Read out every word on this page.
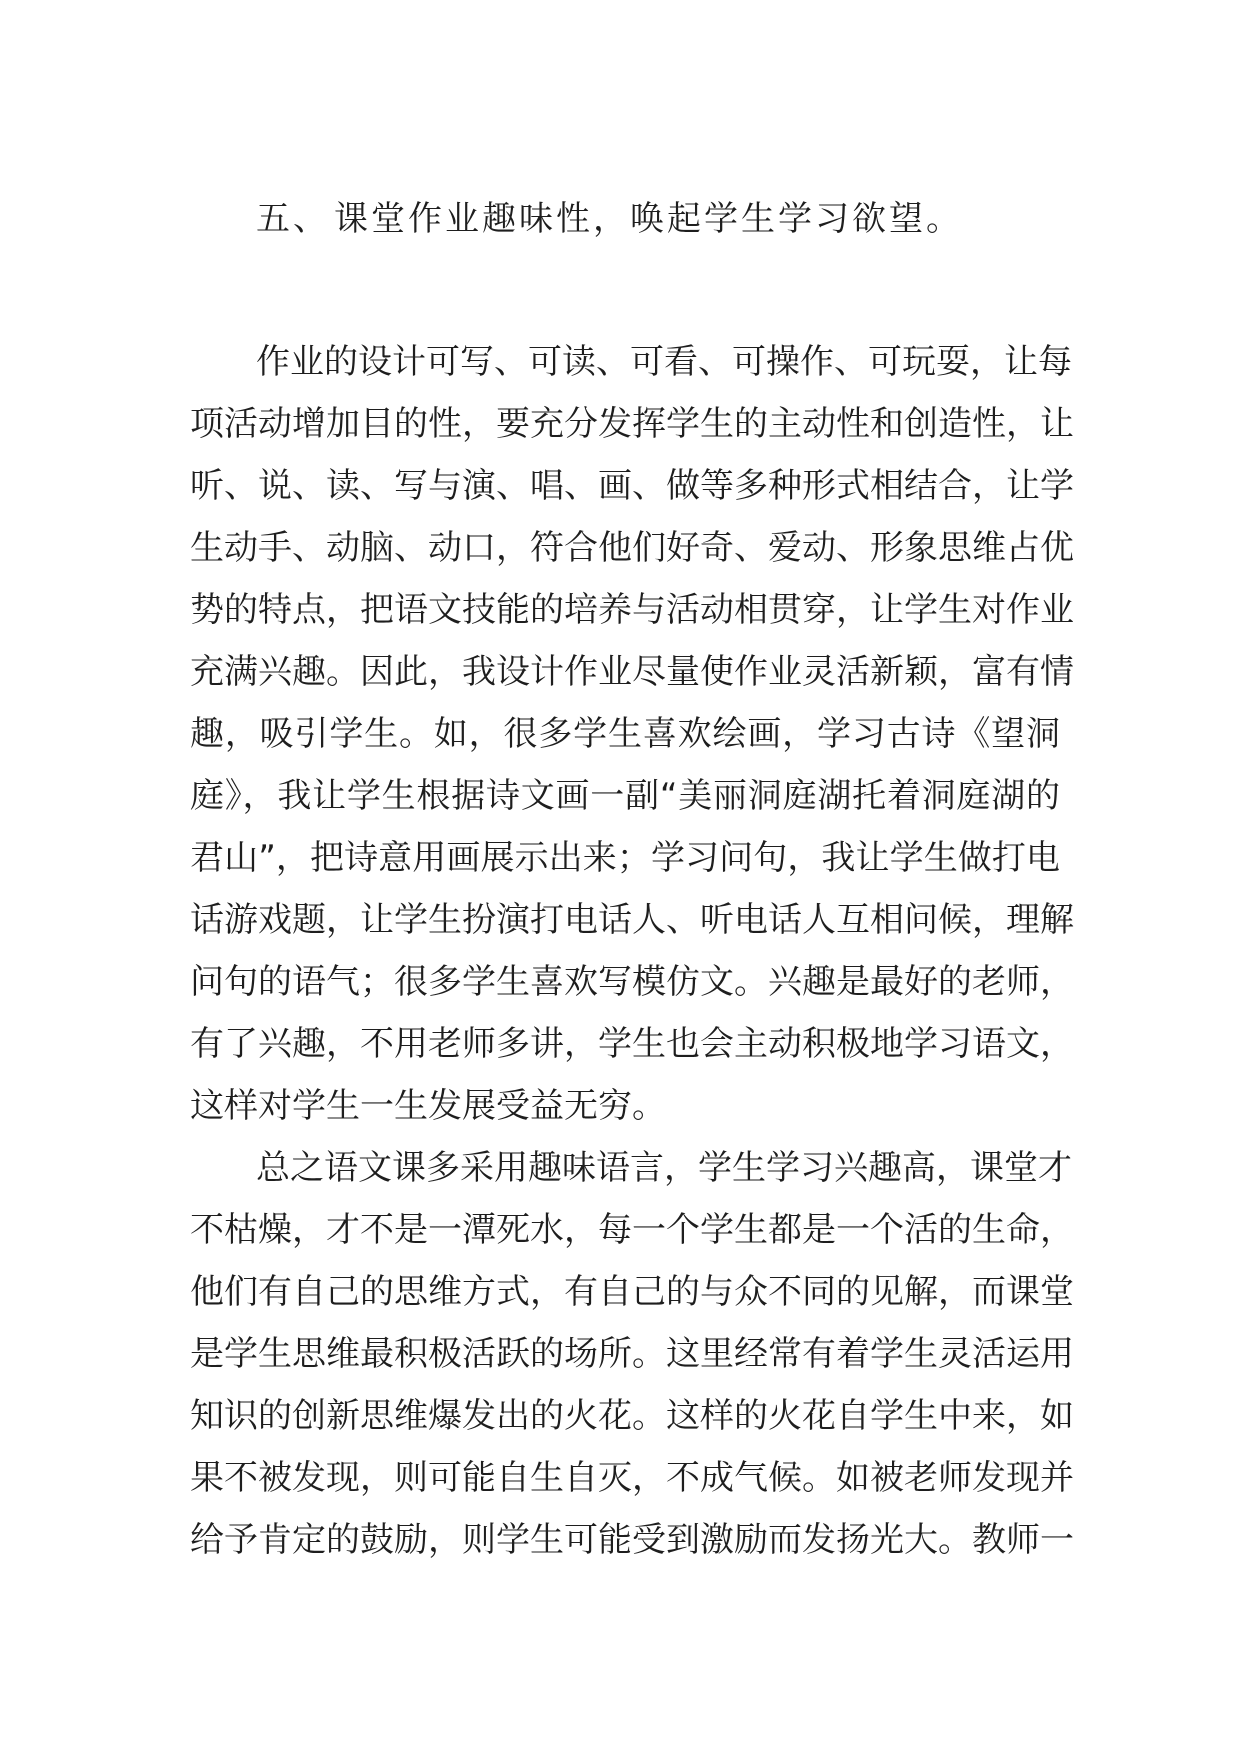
五、 课堂作业趣味性，唤起学生学习欲望。
作业的设计可写、可读、可看、可操作、可玩耍，让每
项活动增加目的性，要充分发挥学生的主动性和创造性，让
听、说、读、写与演、唱、画、做等多种形式相结合，让学
生动手、动脑、动口，符合他们好奇、爱动、形象思维占优
势的特点，把语文技能的培养与活动相贯穿，让学生对作业
充满兴趣。因此，我设计作业尽量使作业灵活新颖，富有情
趣，吸引学生。如，很多学生喜欢绘画，学习古诗《望洞
庭》，我让学生根据诗文画一副“美丽洞庭湖托着洞庭湖的
君山”，把诗意用画展示出来；学习问句，我让学生做打电
话游戏题，让学生扮演打电话人、听电话人互相问候，理解
问句的语气；很多学生喜欢写模仿文。兴趣是最好的老师，
有了兴趣，不用老师多讲，学生也会主动积极地学习语文，
这样对学生一生发展受益无穷。
总之语文课多采用趣味语言，学生学习兴趣高，课堂才
不枯燥，才不是一潭死水，每一个学生都是一个活的生命，
他们有自己的思维方式，有自己的与众不同的见解，而课堂
是学生思维最积极活跃的场所。这里经常有着学生灵活运用
知识的创新思维爆发出的火花。这样的火花自学生中来，如
果不被发现，则可能自生自灭，不成气候。如被老师发现并
给予肯定的鼓励，则学生可能受到激励而发扬光大。教师一
